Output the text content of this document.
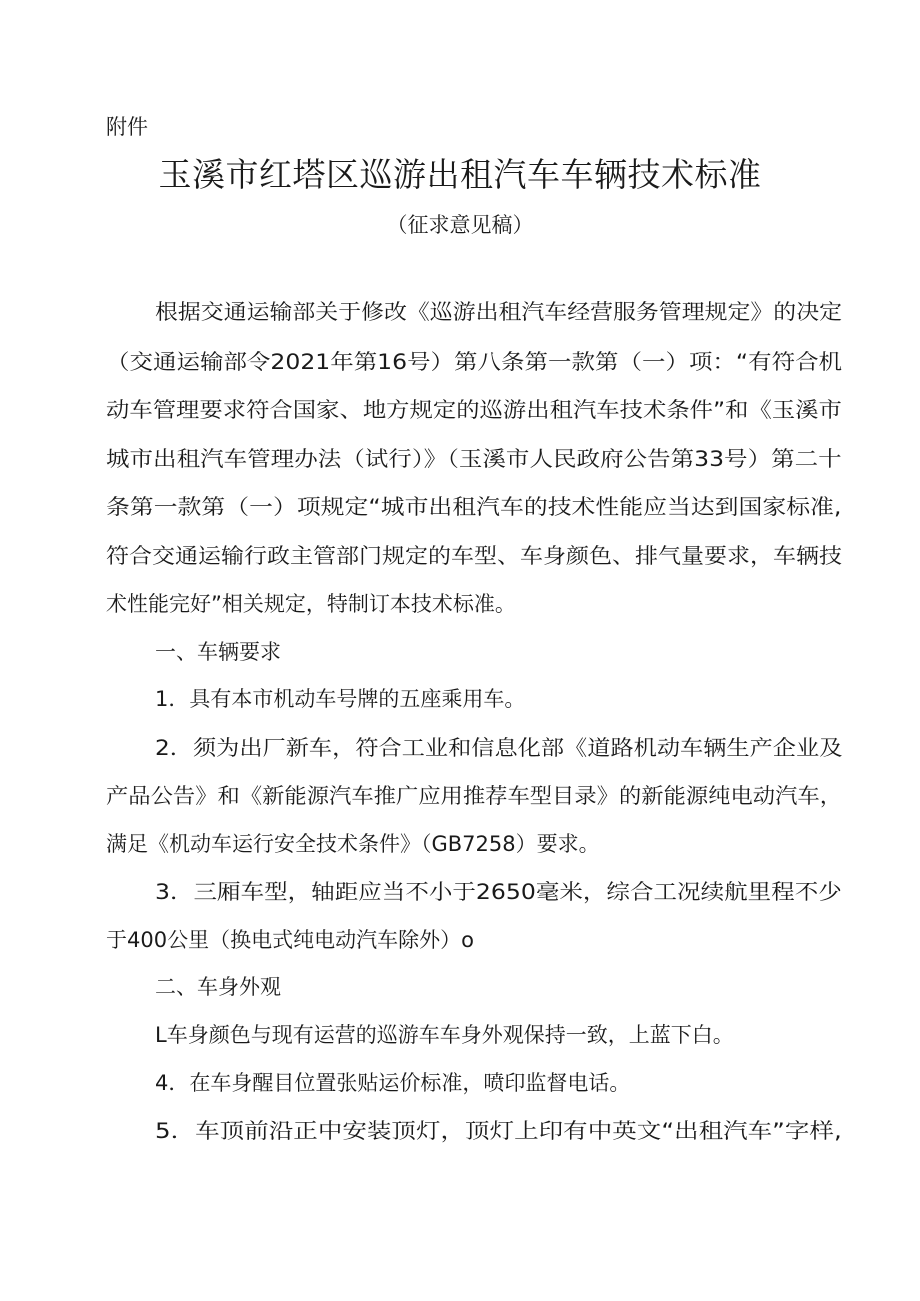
附件
玉溪市红塔区巡游出租汽车车辆技术标准
（征求意见稿）
根据交通运输部关于修改《巡游出租汽车经营服务管理规定》的决定
（交通运输部令2021年第16号）第八条第一款第（一）项：“有符合机
动车管理要求符合国家、地方规定的巡游出租汽车技术条件”和《玉溪市
城市出租汽车管理办法（试行）》（玉溪市人民政府公告第33号）第二十
条第一款第（一）项规定“城市出租汽车的技术性能应当达到国家标准,
符合交通运输行政主管部门规定的车型、车身颜色、排气量要求，车辆技
术性能完好”相关规定，特制订本技术标准。
一、车辆要求
1．具有本市机动车号牌的五座乘用车。
2．须为出厂新车，符合工业和信息化部《道路机动车辆生产企业及
产品公告》和《新能源汽车推广应用推荐车型目录》的新能源纯电动汽车，
满足《机动车运行安全技术条件》（GB7258）要求。
3．三厢车型，轴距应当不小于2650毫米，综合工况续航里程不少
于400公里（换电式纯电动汽车除外）o
二、车身外观
L车身颜色与现有运营的巡游车车身外观保持一致，上蓝下白。
4．在车身醒目位置张贴运价标准，喷印监督电话。
5．车顶前沿正中安装顶灯，顶灯上印有中英文“出租汽车”字样,
